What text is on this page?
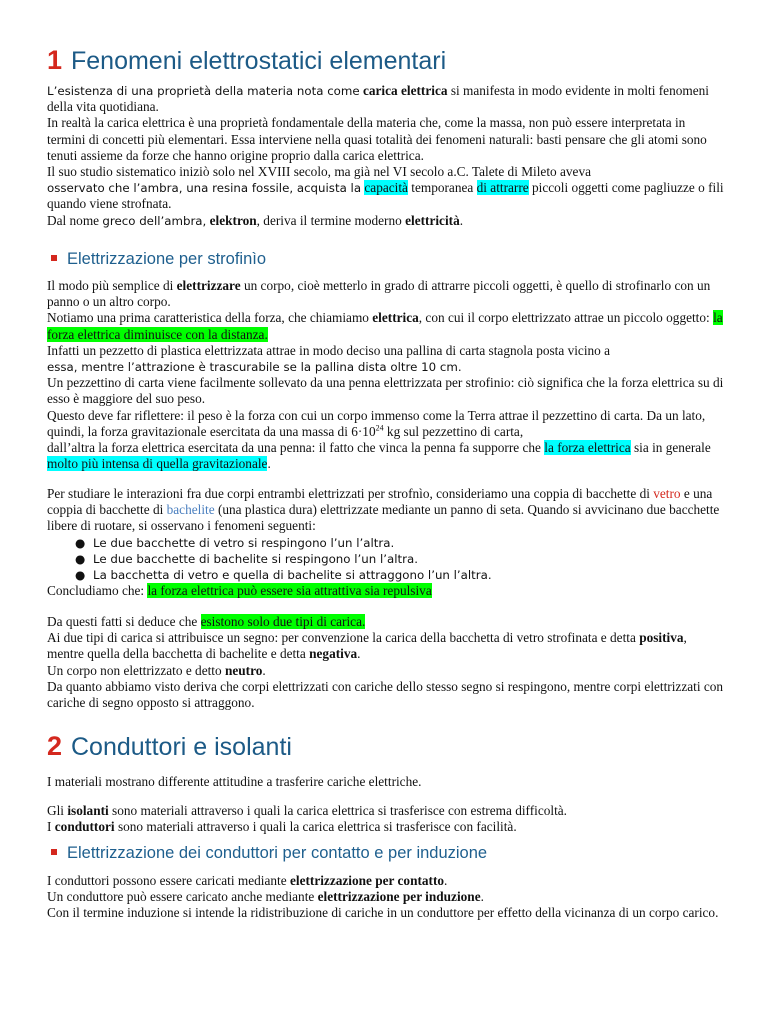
1 Fenomeni elettrostatici elementari

L’esistenza di una proprietà della materia nota come carica elettrica si manifesta in modo evidente in molti fenomeni della vita quotidiana.

In realtà la carica elettrica è una proprietà fondamentale della materia che, come la massa, non può essere interpretata in termini di concetti più elementari. Essa interviene nella quasi totalità dei fenomeni naturali: basti pensare che gli atomi sono tenuti assieme da forze che hanno origine proprio dalla carica elettrica.

Il suo studio sistematico iniziò solo nel XVIII secolo, ma già nel VI secolo a.C. Talete di Mileto aveva

osservato che l’ambra, una resina fossile, acquista la capacità temporanea di attrarre piccoli oggetti come pagliuzze o fili quando viene strofnata.

Dal nome greco dell’ambra, elektron, deriva il termine moderno elettricità.

Elettrizzazione per strofinìo

Il modo più semplice di elettrizzare un corpo, cioè metterlo in grado di attrarre piccoli oggetti, è quello di strofinarlo con un panno o un altro corpo.

Notiamo una prima caratteristica della forza, che chiamiamo elettrica, con cui il corpo elettrizzato attrae un piccolo oggetto: la forza elettrica diminuisce con la distanza.

Infatti un pezzetto di plastica elettrizzata attrae in modo deciso una pallina di carta stagnola posta vicino a
essa, mentre l’attrazione è trascurabile se la pallina dista oltre 10 cm.

Un pezzettino di carta viene facilmente sollevato da una penna elettrizzata per strofinio: ciò significa che la forza elettrica su di esso è maggiore del suo peso.

Questo deve far riflettere: il peso è la forza con cui un corpo immenso come la Terra attrae il pezzettino di carta. Da un lato, quindi, la forza gravitazionale esercitata da una massa di $6\cdot 10^{24}$ kg sul pezzettino di carta,
dall’altra la forza elettrica esercitata da una penna: il fatto che vinca la penna fa supporre che la forza elettrica sia in generale molto più intensa di quella gravitazionale.

Per studiare le interazioni fra due corpi entrambi elettrizzati per strofnìo, consideriamo una coppia di bacchette di vetro e una coppia di bacchette di bachelite (una plastica dura) elettrizzate mediante un panno di seta. Quando si avvicinano due bacchette libere di ruotare, si osservano i fenomeni seguenti:

● Le due bacchette di vetro si respingono l’un l’altra.
● Le due bacchette di bachelite si respingono l’un l’altra.
● La bacchetta di vetro e quella di bachelite si attraggono l’un l’altra.

Concludiamo che: la forza elettrica può essere sia attrattiva sia repulsiva

Da questi fatti si deduce che esistono solo due tipi di carica.

Ai due tipi di carica si attribuisce un segno: per convenzione la carica della bacchetta di vetro strofinata e detta positiva, mentre quella della bacchetta di bachelite e detta negativa.

Un corpo non elettrizzato e detto neutro.

Da quanto abbiamo visto deriva che corpi elettrizzati con cariche dello stesso segno si respingono, mentre corpi elettrizzati con cariche di segno opposto si attraggono.

2 Conduttori e isolanti

I materiali mostrano differente attitudine a trasferire cariche elettriche.

Gli isolanti sono materiali attraverso i quali la carica elettrica si trasferisce con estrema difficoltà.

I conduttori sono materiali attraverso i quali la carica elettrica si trasferisce con facilità.

Elettrizzazione dei conduttori per contatto e per induzione

I conduttori possono essere caricati mediante elettrizzazione per contatto.

Un conduttore può essere caricato anche mediante elettrizzazione per induzione.

Con il termine induzione si intende la ridistribuzione di cariche in un conduttore per effetto della vicinanza di un corpo carico.
